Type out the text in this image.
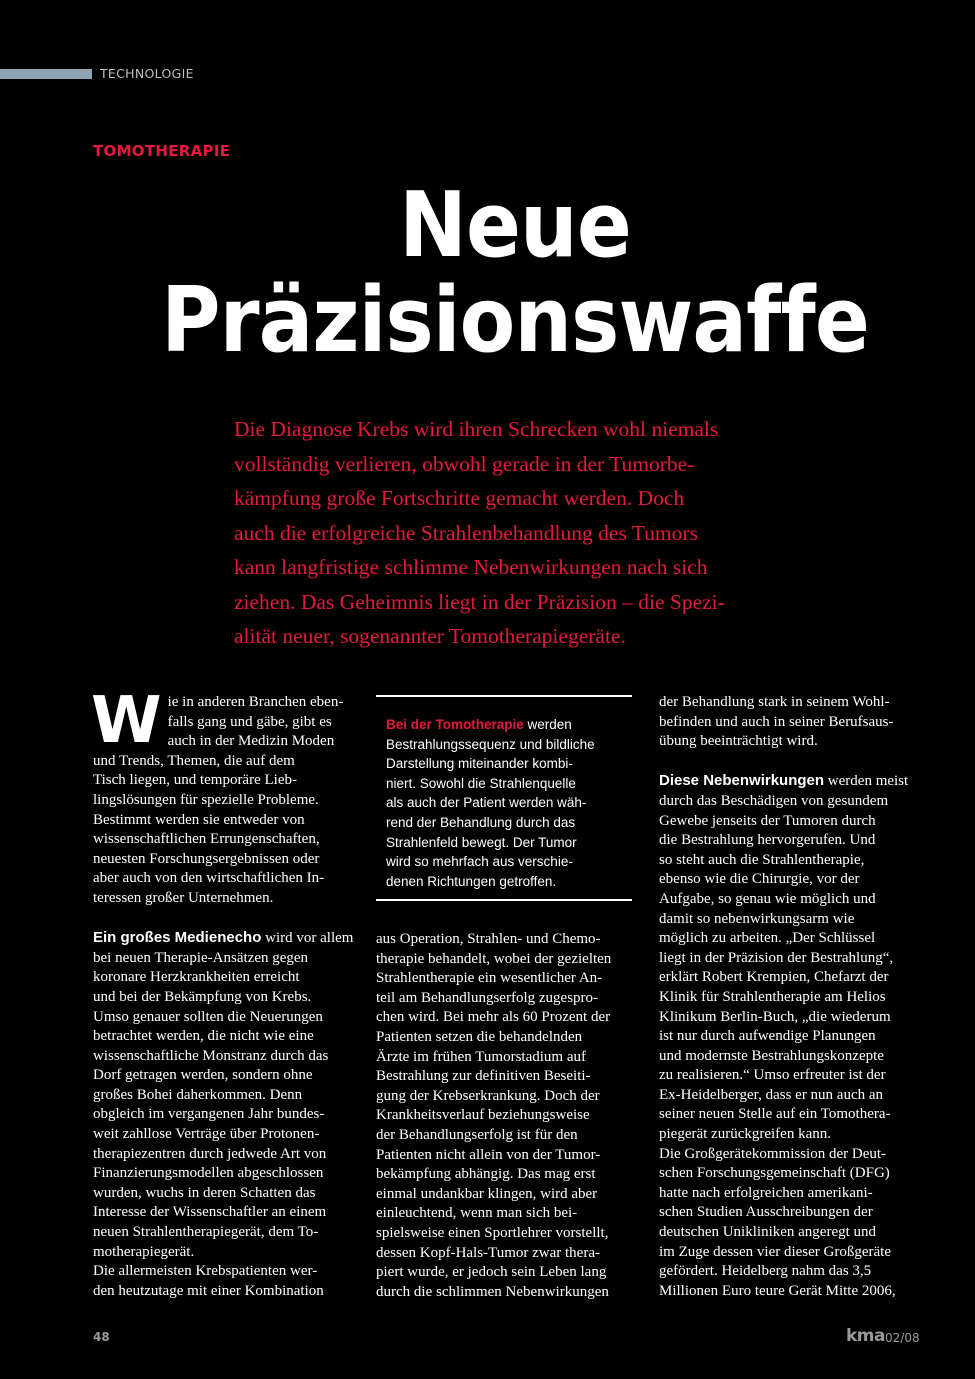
TECHNOLOGIE
TOMOTHERAPIE
Neue
Präzisionswaffe

Die Diagnose Krebs wird ihren Schrecken wohl niemals
vollständig verlieren, obwohl gerade in der Tumorbe-
kämpfung große Fortschritte gemacht werden. Doch
auch die erfolgreiche Strahlenbehandlung des Tumors
kann langfristige schlimme Nebenwirkungen nach sich
ziehen. Das Geheimnis liegt in der Präzision – die Spezi-
alität neuer, sogenannter Tomotherapiegeräte.

W ie in anderen Branchen eben-
falls gang und gäbe, gibt es
auch in der Medizin Moden
und Trends, Themen, die auf dem
Tisch liegen, und temporäre Lieb-
lingslösungen für spezielle Probleme.
Bestimmt werden sie entweder von
wissenschaftlichen Errungenschaften,
neuesten Forschungsergebnissen oder
aber auch von den wirtschaftlichen In-
teressen großer Unternehmen.
Ein großes Medienecho wird vor allem
bei neuen Therapie-Ansätzen gegen
koronare Herzkrankheiten erreicht
und bei der Bekämpfung von Krebs.
Umso genauer sollten die Neuerungen
betrachtet werden, die nicht wie eine
wissenschaftliche Monstranz durch das
Dorf getragen werden, sondern ohne
großes Bohei daherkommen. Denn
obgleich im vergangenen Jahr bundes-
weit zahllose Verträge über Protonen-
therapiezentren durch jedwede Art von
Finanzierungsmodellen abgeschlossen
wurden, wuchs in deren Schatten das
Interesse der Wissenschaftler an einem
neuen Strahlentherapiegerät, dem To-
motherapiegerät.
Die allermeisten Krebspatienten wer-
den heutzutage mit einer Kombination
Bei der Tomotherapie werden
Bestrahlungssequenz und bildliche
Darstellung miteinander kombi-
niert. Sowohl die Strahlenquelle
als auch der Patient werden wäh-
rend der Behandlung durch das
Strahlenfeld bewegt. Der Tumor
wird so mehrfach aus verschie-
denen Richtungen getroffen.
aus Operation, Strahlen- und Chemo-
therapie behandelt, wobei der gezielten
Strahlentherapie ein wesentlicher An-
teil am Behandlungserfolg zugespro-
chen wird. Bei mehr als 60 Prozent der
Patienten setzen die behandelnden
Ärzte im frühen Tumorstadium auf
Bestrahlung zur definitiven Beseiti-
gung der Krebserkrankung. Doch der
Krankheitsverlauf beziehungsweise
der Behandlungserfolg ist für den
Patienten nicht allein von der Tumor-
bekämpfung abhängig. Das mag erst
einmal undankbar klingen, wird aber
einleuchtend, wenn man sich bei-
spielsweise einen Sportlehrer vorstellt,
dessen Kopf-Hals-Tumor zwar thera-
piert wurde, er jedoch sein Leben lang
durch die schlimmen Nebenwirkungen
der Behandlung stark in seinem Wohl-
befinden und auch in seiner Berufsaus-
übung beeinträchtigt wird.
Diese Nebenwirkungen werden meist
durch das Beschädigen von gesundem
Gewebe jenseits der Tumoren durch
die Bestrahlung hervorgerufen. Und
so steht auch die Strahlentherapie,
ebenso wie die Chirurgie, vor der
Aufgabe, so genau wie möglich und
damit so nebenwirkungsarm wie
möglich zu arbeiten. „Der Schlüssel
liegt in der Präzision der Bestrahlung“,
erklärt Robert Krempien, Chefarzt der
Klinik für Strahlentherapie am Helios
Klinikum Berlin-Buch, „die wiederum
ist nur durch aufwendige Planungen
und modernste Bestrahlungskonzepte
zu realisieren.“ Umso erfreuter ist der
Ex-Heidelberger, dass er nun auch an
seiner neuen Stelle auf ein Tomothera-
piegerät zurückgreifen kann.
Die Großgerätekommission der Deut-
schen Forschungsgemeinschaft (DFG)
hatte nach erfolgreichen amerikani-
schen Studien Ausschreibungen der
deutschen Unikliniken angeregt und
im Zuge dessen vier dieser Großgeräte
gefördert. Heidelberg nahm das 3,5
Millionen Euro teure Gerät Mitte 2006,
48	kma 02/08
